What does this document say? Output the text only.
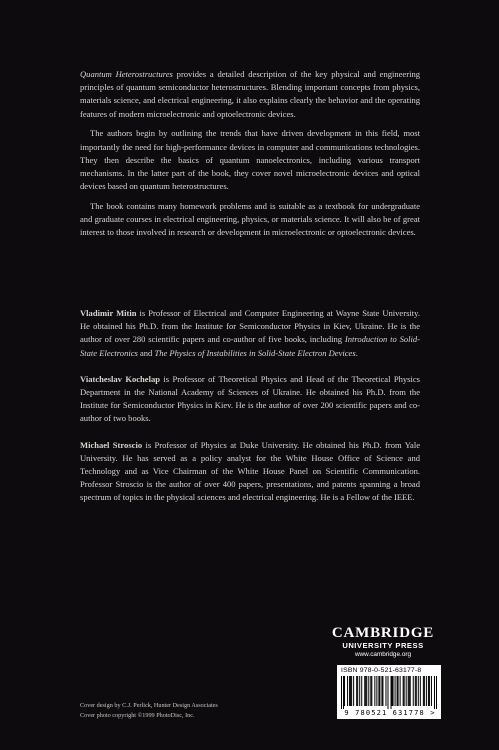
Quantum Heterostructures provides a detailed description of the key physical and engineering principles of quantum semiconductor heterostructures. Blending important concepts from physics, materials science, and electrical engineering, it also explains clearly the behavior and the operating features of modern microelectronic and optoelectronic devices.

The authors begin by outlining the trends that have driven development in this field, most importantly the need for high-performance devices in computer and communications technologies. They then describe the basics of quantum nanoelectronics, including various transport mechanisms. In the latter part of the book, they cover novel microelectronic devices and optical devices based on quantum heterostructures.

The book contains many homework problems and is suitable as a textbook for undergraduate and graduate courses in electrical engineering, physics, or materials science. It will also be of great interest to those involved in research or development in microelectronic or optoelectronic devices.

Vladimir Mitin is Professor of Electrical and Computer Engineering at Wayne State University. He obtained his Ph.D. from the Institute for Semiconductor Physics in Kiev, Ukraine. He is the author of over 280 scientific papers and co-author of five books, including Introduction to Solid-State Electronics and The Physics of Instabilities in Solid-State Electron Devices.

Viatcheslav Kochelap is Professor of Theoretical Physics and Head of the Theoretical Physics Department in the National Academy of Sciences of Ukraine. He obtained his Ph.D. from the Institute for Semiconductor Physics in Kiev. He is the author of over 200 scientific papers and co-author of two books.

Michael Stroscio is Professor of Physics at Duke University. He obtained his Ph.D. from Yale University. He has served as a policy analyst for the White House Office of Science and Technology and as Vice Chairman of the White House Panel on Scientific Communication. Professor Stroscio is the author of over 400 papers, presentations, and patents spanning a broad spectrum of topics in the physical sciences and electrical engineering. He is a Fellow of the IEEE.

CAMBRIDGE
UNIVERSITY PRESS
www.cambridge.org
ISBN 978-0-521-63177-8
9 780521 631778 >
Cover design by C.J. Perlick, Hunter Design Associates
Cover photo copyright ©1999 PhotoDisc, Inc.
